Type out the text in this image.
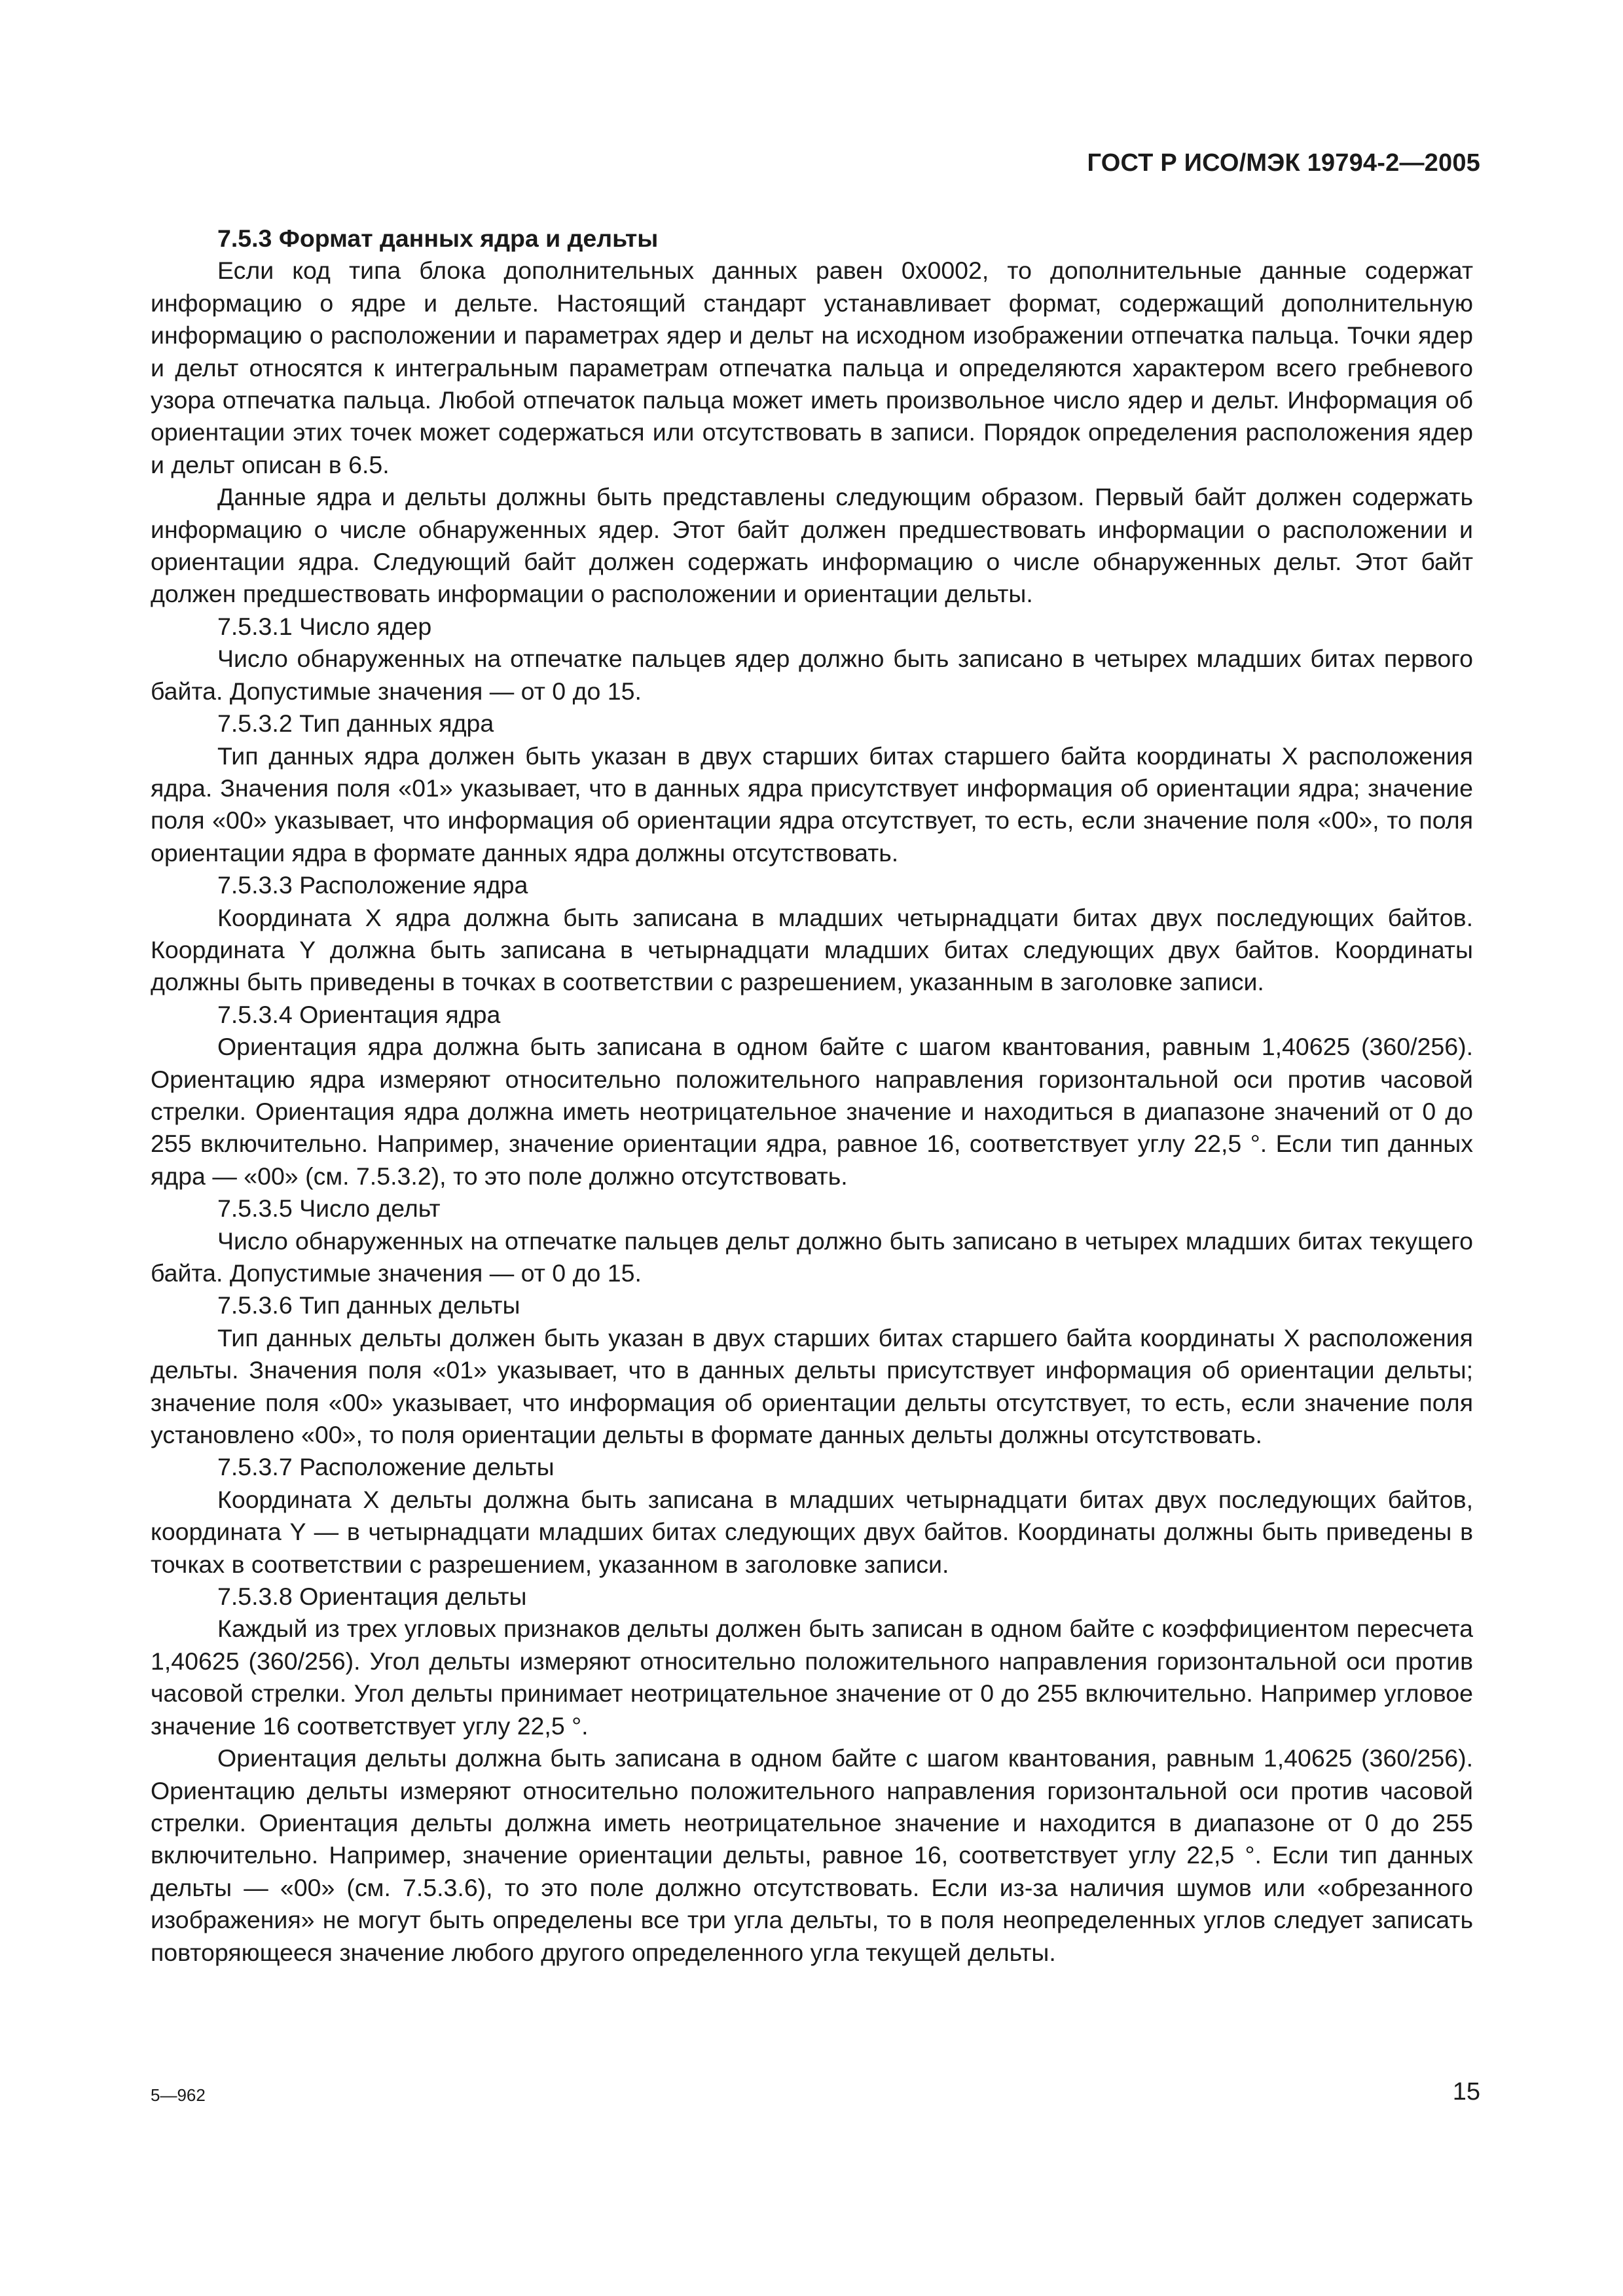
ГОСТ Р ИСО/МЭК 19794-2—2005

7.5.3 Формат данных ядра и дельты

Если код типа блока дополнительных данных равен 0х0002, то дополнительные данные содержат информацию о ядре и дельте. Настоящий стандарт устанавливает формат, содержащий дополнительную информацию о расположении и параметрах ядер и дельт на исходном изображении отпечатка пальца. Точки ядер и дельт относятся к интегральным параметрам отпечатка пальца и определяются характером всего гребневого узора отпечатка пальца. Любой отпечаток пальца может иметь произвольное число ядер и дельт. Информация об ориентации этих точек может содержаться или отсутствовать в записи. Порядок определения расположения ядер и дельт описан в 6.5.

Данные ядра и дельты должны быть представлены следующим образом. Первый байт должен содержать информацию о числе обнаруженных ядер. Этот байт должен предшествовать информации о расположении и ориентации ядра. Следующий байт должен содержать информацию о числе обнаруженных дельт. Этот байт должен предшествовать информации о расположении и ориентации дельты.

7.5.3.1 Число ядер

Число обнаруженных на отпечатке пальцев ядер должно быть записано в четырех младших битах первого байта. Допустимые значения — от 0 до 15.

7.5.3.2 Тип данных ядра

Тип данных ядра должен быть указан в двух старших битах старшего байта координаты X расположения ядра. Значения поля «01» указывает, что в данных ядра присутствует информация об ориентации ядра; значение поля «00» указывает, что информация об ориентации ядра отсутствует, то есть, если значение поля «00», то поля ориентации ядра в формате данных ядра должны отсутствовать.

7.5.3.3 Расположение ядра

Координата X ядра должна быть записана в младших четырнадцати битах двух последующих байтов. Координата Y должна быть записана в четырнадцати младших битах следующих двух байтов. Координаты должны быть приведены в точках в соответствии с разрешением, указанным в заголовке записи.

7.5.3.4 Ориентация ядра

Ориентация ядра должна быть записана в одном байте с шагом квантования, равным 1,40625 (360/256). Ориентацию ядра измеряют относительно положительного направления горизонтальной оси против часовой стрелки. Ориентация ядра должна иметь неотрицательное значение и находиться в диапазоне значений от 0 до 255 включительно. Например, значение ориентации ядра, равное 16, соответствует углу 22,5 °. Если тип данных ядра — «00» (см. 7.5.3.2), то это поле должно отсутствовать.

7.5.3.5 Число дельт

Число обнаруженных на отпечатке пальцев дельт должно быть записано в четырех младших битах текущего байта. Допустимые значения — от 0 до 15.

7.5.3.6 Тип данных дельты

Тип данных дельты должен быть указан в двух старших битах старшего байта координаты X расположения дельты. Значения поля «01» указывает, что в данных дельты присутствует информация об ориентации дельты; значение поля «00» указывает, что информация об ориентации дельты отсутствует, то есть, если значение поля установлено «00», то поля ориентации дельты в формате данных дельты должны отсутствовать.

7.5.3.7 Расположение дельты

Координата X дельты должна быть записана в младших четырнадцати битах двух последующих байтов, координата Y — в четырнадцати младших битах следующих двух байтов. Координаты должны быть приведены в точках в соответствии с разрешением, указанном в заголовке записи.

7.5.3.8 Ориентация дельты

Каждый из трех угловых признаков дельты должен быть записан в одном байте с коэффициентом пересчета 1,40625 (360/256). Угол дельты измеряют относительно положительного направления горизонтальной оси против часовой стрелки. Угол дельты принимает неотрицательное значение от 0 до 255 включительно. Например угловое значение 16 соответствует углу 22,5 °.

Ориентация дельты должна быть записана в одном байте с шагом квантования, равным 1,40625 (360/256). Ориентацию дельты измеряют относительно положительного направления горизонтальной оси против часовой стрелки. Ориентация дельты должна иметь неотрицательное значение и находится в диапазоне от 0 до 255 включительно. Например, значение ориентации дельты, равное 16, соответствует углу 22,5 °. Если тип данных дельты — «00» (см. 7.5.3.6), то это поле должно отсутствовать. Если из-за наличия шумов или «обрезанного изображения» не могут быть определены все три угла дельты, то в поля неопределенных углов следует записать повторяющееся значение любого другого определенного угла текущей дельты.

5—962	15
